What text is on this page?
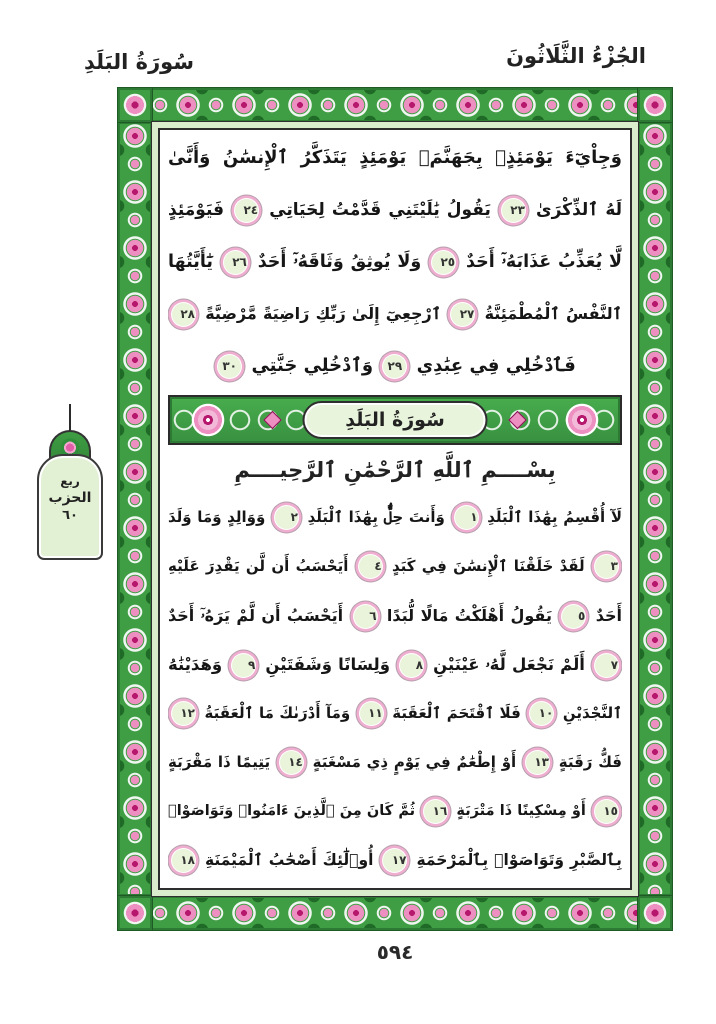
الجُزْءُ الثَّلَاثُونَ
سُورَةُ البَلَدِ
وَجِاْيٓءَ يَوْمَئِذٍۭ بِجَهَنَّمَۚ يَوْمَئِذٍ يَتَذَكَّرُ ٱلْإِنسَٰنُ وَأَنَّىٰ
لَهُ ٱلذِّكْرَىٰ ٢٣ يَقُولُ يَٰلَيْتَنِي قَدَّمْتُ لِحَيَاتِي ٢٤ فَيَوْمَئِذٍ
لَّا يُعَذِّبُ عَذَابَهُۥٓ أَحَدٌ ٢٥ وَلَا يُوثِقُ وَثَاقَهُۥٓ أَحَدٌ ٢٦ يَٰٓأَيَّتُهَا
ٱلنَّفْسُ ٱلْمُطْمَئِنَّةُ ٢٧ ٱرْجِعِيٓ إِلَىٰ رَبِّكِ رَاضِيَةً مَّرْضِيَّةً ٢٨
فَٱدْخُلِي فِي عِبَٰدِي ٢٩ وَٱدْخُلِي جَنَّتِي ٣٠
سُورَةُ البَلَدِ
بِسْــــمِ ٱللَّهِ ٱلرَّحْمَٰنِ ٱلرَّحِيــــمِ
لَآ أُقْسِمُ بِهَٰذَا ٱلْبَلَدِ ١ وَأَنتَ حِلٌّۢ بِهَٰذَا ٱلْبَلَدِ ٢ وَوَالِدٍ وَمَا وَلَدَ
٣ لَقَدْ خَلَقْنَا ٱلْإِنسَٰنَ فِي كَبَدٍ ٤ أَيَحْسَبُ أَن لَّن يَقْدِرَ عَلَيْهِ
أَحَدٌ ٥ يَقُولُ أَهْلَكْتُ مَالًا لُّبَدًا ٦ أَيَحْسَبُ أَن لَّمْ يَرَهُۥٓ أَحَدٌ
٧ أَلَمْ نَجْعَل لَّهُۥ عَيْنَيْنِ ٨ وَلِسَانًا وَشَفَتَيْنِ ٩ وَهَدَيْنَٰهُ
ٱلنَّجْدَيْنِ ١٠ فَلَا ٱقْتَحَمَ ٱلْعَقَبَةَ ١١ وَمَآ أَدْرَىٰكَ مَا ٱلْعَقَبَةُ ١٢
فَكُّ رَقَبَةٍ ١٣ أَوْ إِطْعَٰمٌ فِي يَوْمٍ ذِي مَسْغَبَةٍ ١٤ يَتِيمًا ذَا مَقْرَبَةٍ
١٥ أَوْ مِسْكِينًا ذَا مَتْرَبَةٍ ١٦ ثُمَّ كَانَ مِنَ ٱلَّذِينَ ءَامَنُوا۟ وَتَوَاصَوْا۟
بِٱلصَّبْرِ وَتَوَاصَوْا۟ بِٱلْمَرْحَمَةِ ١٧ أُو۟لَٰٓئِكَ أَصْحَٰبُ ٱلْمَيْمَنَةِ ١٨
ربع
الحزب
٦٠
٥٩٤
